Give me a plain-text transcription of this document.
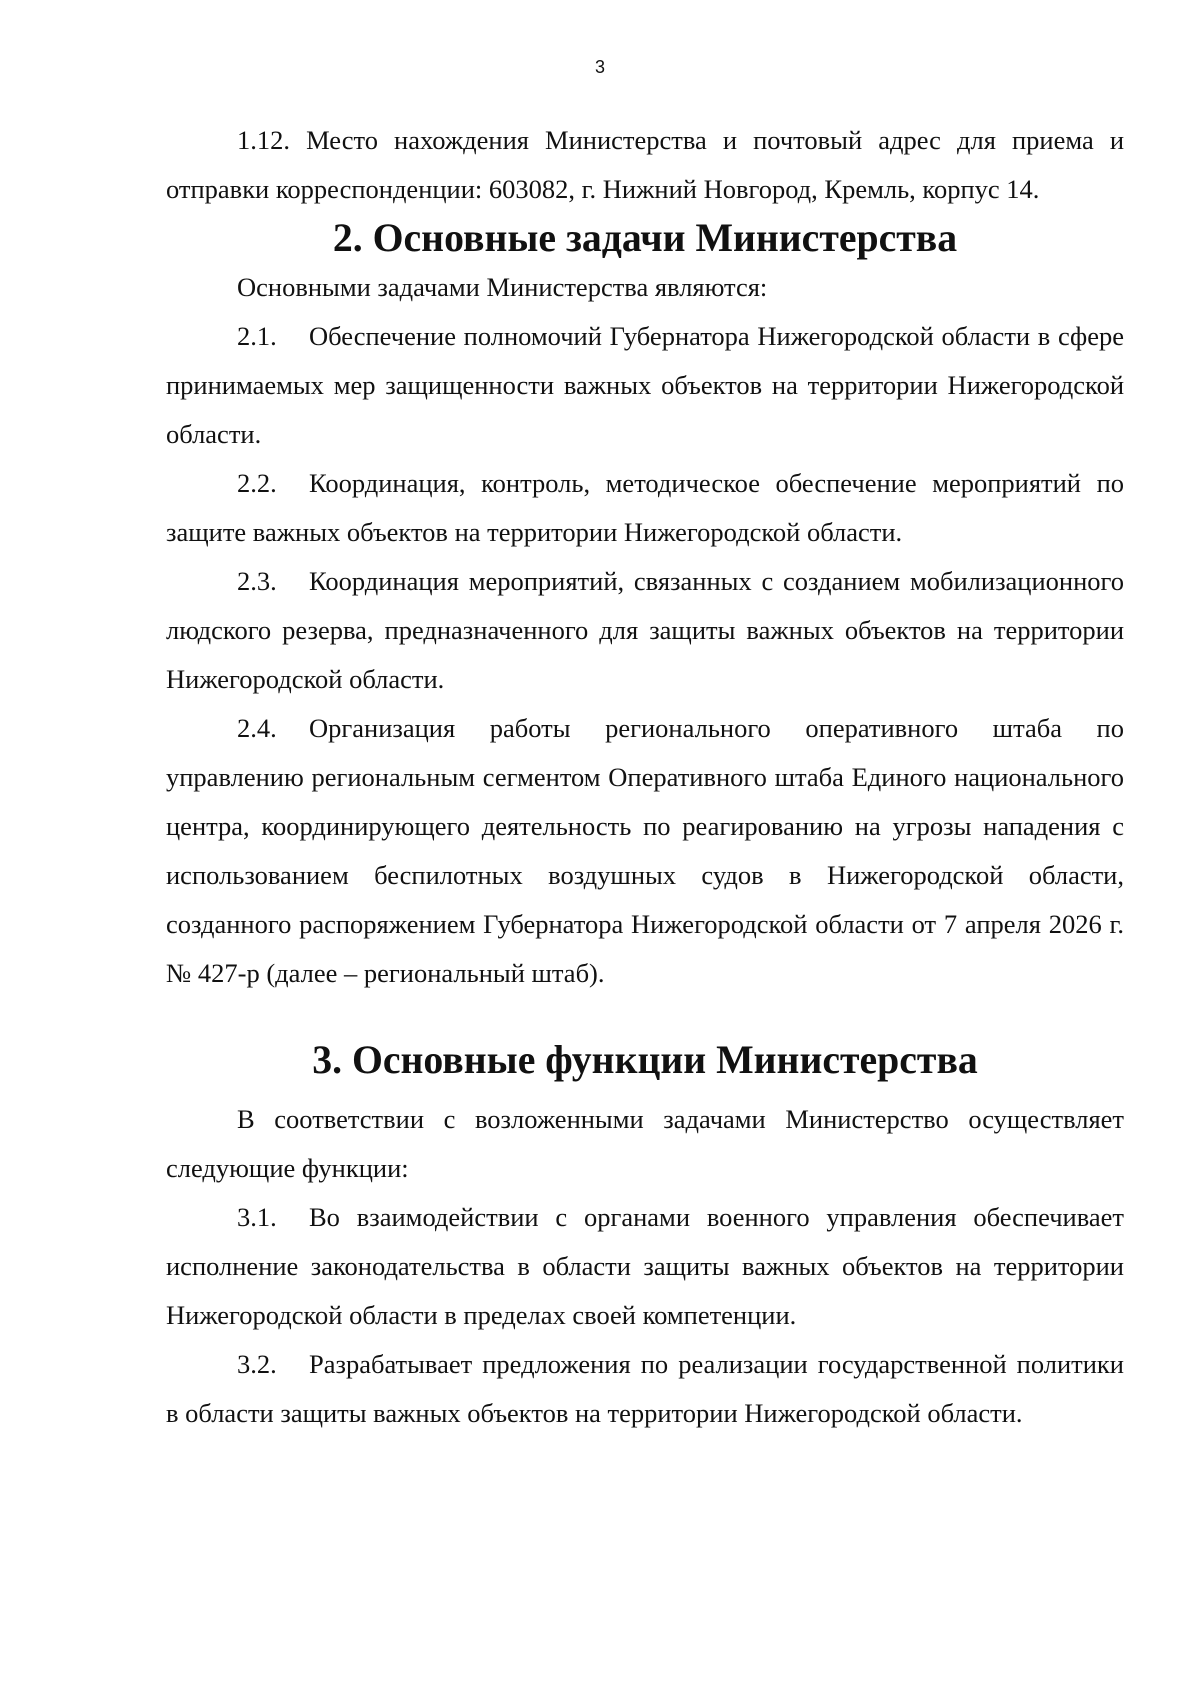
3

1.12. Место нахождения Министерства и почтовый адрес для приема и отправки корреспонденции: 603082, г. Нижний Новгород, Кремль, корпус 14.

2. Основные задачи Министерства

Основными задачами Министерства являются:

2.1. Обеспечение полномочий Губернатора Нижегородской области в сфере принимаемых мер защищенности важных объектов на территории Нижегородской области.

2.2. Координация, контроль, методическое обеспечение мероприятий по защите важных объектов на территории Нижегородской области.

2.3. Координация мероприятий, связанных с созданием мобилизационного людского резерва, предназначенного для защиты важных объектов на территории Нижегородской области.

2.4. Организация работы регионального оперативного штаба по управлению региональным сегментом Оперативного штаба Единого национального центра, координирующего деятельность по реагированию на угрозы нападения с использованием беспилотных воздушных судов в Нижегородской области, созданного распоряжением Губернатора Нижегородской области от 7 апреля 2026 г. № 427-р (далее – региональный штаб).

3. Основные функции Министерства

В соответствии с возложенными задачами Министерство осуществляет следующие функции:

3.1. Во взаимодействии с органами военного управления обеспечивает исполнение законодательства в области защиты важных объектов на территории Нижегородской области в пределах своей компетенции.

3.2. Разрабатывает предложения по реализации государственной политики в области защиты важных объектов на территории Нижегородской области.
